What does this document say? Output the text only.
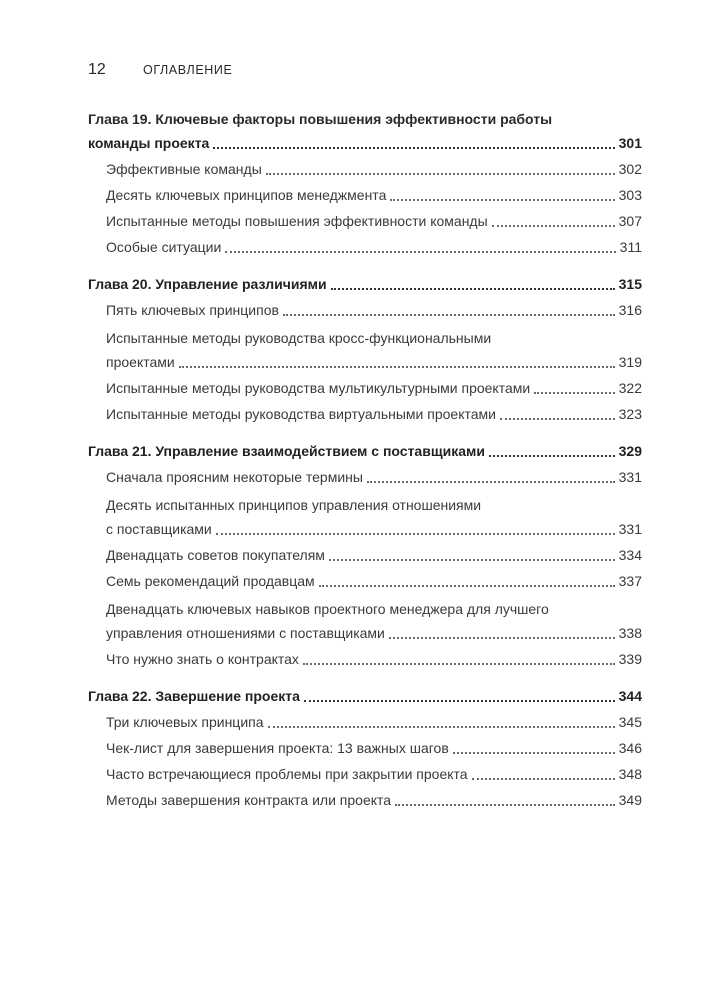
12	ОГЛАВЛЕНИЕ
Глава 19. Ключевые факторы повышения эффективности работы
команды проекта	301
Эффективные команды	302
Десять ключевых принципов менеджмента	303
Испытанные методы повышения эффективности команды	307
Особые ситуации	311
Глава 20. Управление различиями	315
Пять ключевых принципов	316
Испытанные методы руководства кросс-функциональными
проектами	319
Испытанные методы руководства мультикультурными проектами	322
Испытанные методы руководства виртуальными проектами	323
Глава 21. Управление взаимодействием с поставщиками	329
Сначала проясним некоторые термины	331
Десять испытанных принципов управления отношениями
с поставщиками	331
Двенадцать советов покупателям	334
Семь рекомендаций продавцам	337
Двенадцать ключевых навыков проектного менеджера для лучшего
управления отношениями с поставщиками	338
Что нужно знать о контрактах	339
Глава 22. Завершение проекта	344
Три ключевых принципа	345
Чек-лист для завершения проекта: 13 важных шагов	346
Часто встречающиеся проблемы при закрытии проекта	348
Методы завершения контракта или проекта	349
